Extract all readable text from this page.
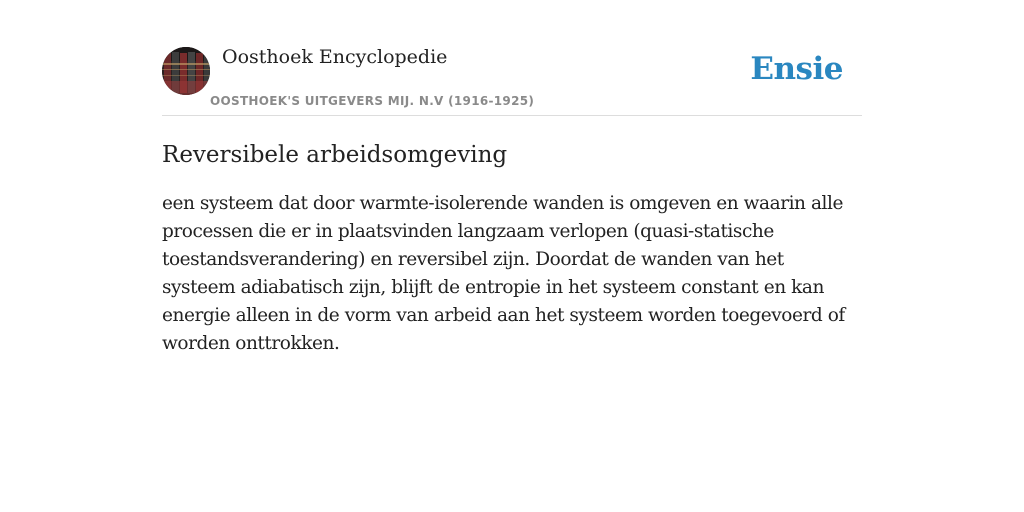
Oosthoek Encyclopedie
OOSTHOEK'S UITGEVERS MIJ. N.V (1916-1925)
Ensie
Reversibele arbeidsomgeving

een systeem dat door warmte-isolerende wanden is omgeven en waarin alle processen die er in plaatsvinden langzaam verlopen (quasi-statische toestandsverandering) en reversibel zijn. Doordat de wanden van het systeem adiabatisch zijn, blijft de entropie in het systeem constant en kan energie alleen in de vorm van arbeid aan het systeem worden toegevoerd of worden onttrokken.
